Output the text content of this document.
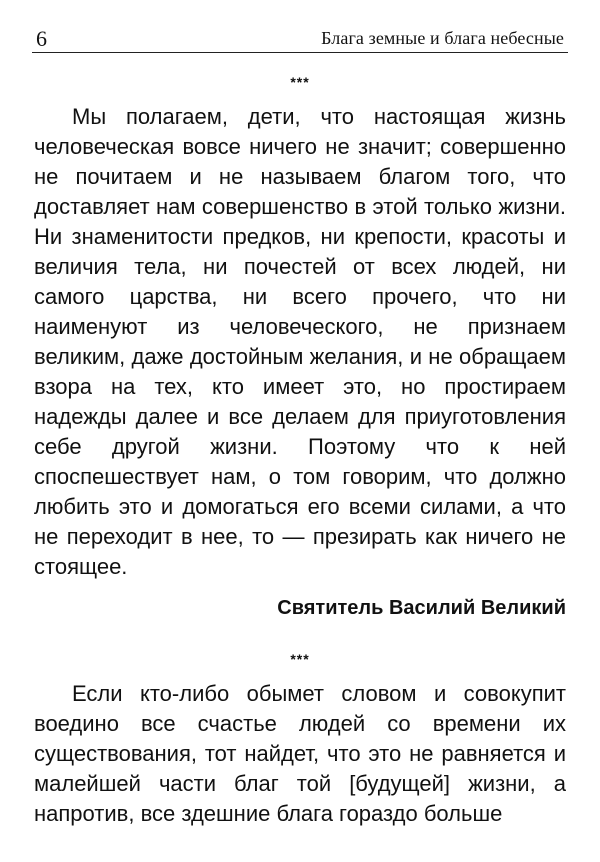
6	Блага земные и блага небесные
***

Мы полагаем, дети, что настоящая жизнь человеческая вовсе ничего не значит; совершенно не почитаем и не называем благом того, что доставляет нам совершенство в этой только жизни. Ни знаменитости предков, ни крепости, красоты и величия тела, ни почестей от всех людей, ни самого царства, ни всего прочего, что ни наименуют из человеческого, не признаем великим, даже достойным желания, и не обращаем взора на тех, кто имеет это, но простираем надежды далее и все делаем для приуготовления себе другой жизни. Поэтому что к ней споспешествует нам, о том говорим, что должно любить это и домогаться его всеми силами, а что не переходит в нее, то — презирать как ничего не стоящее.

Святитель Василий Великий
***

Если кто-либо обымет словом и совокупит воедино все счастье людей со времени их существования, тот найдет, что это не равняется и малейшей части благ той [будущей] жизни, а напротив, все здешние блага гораздо больше
